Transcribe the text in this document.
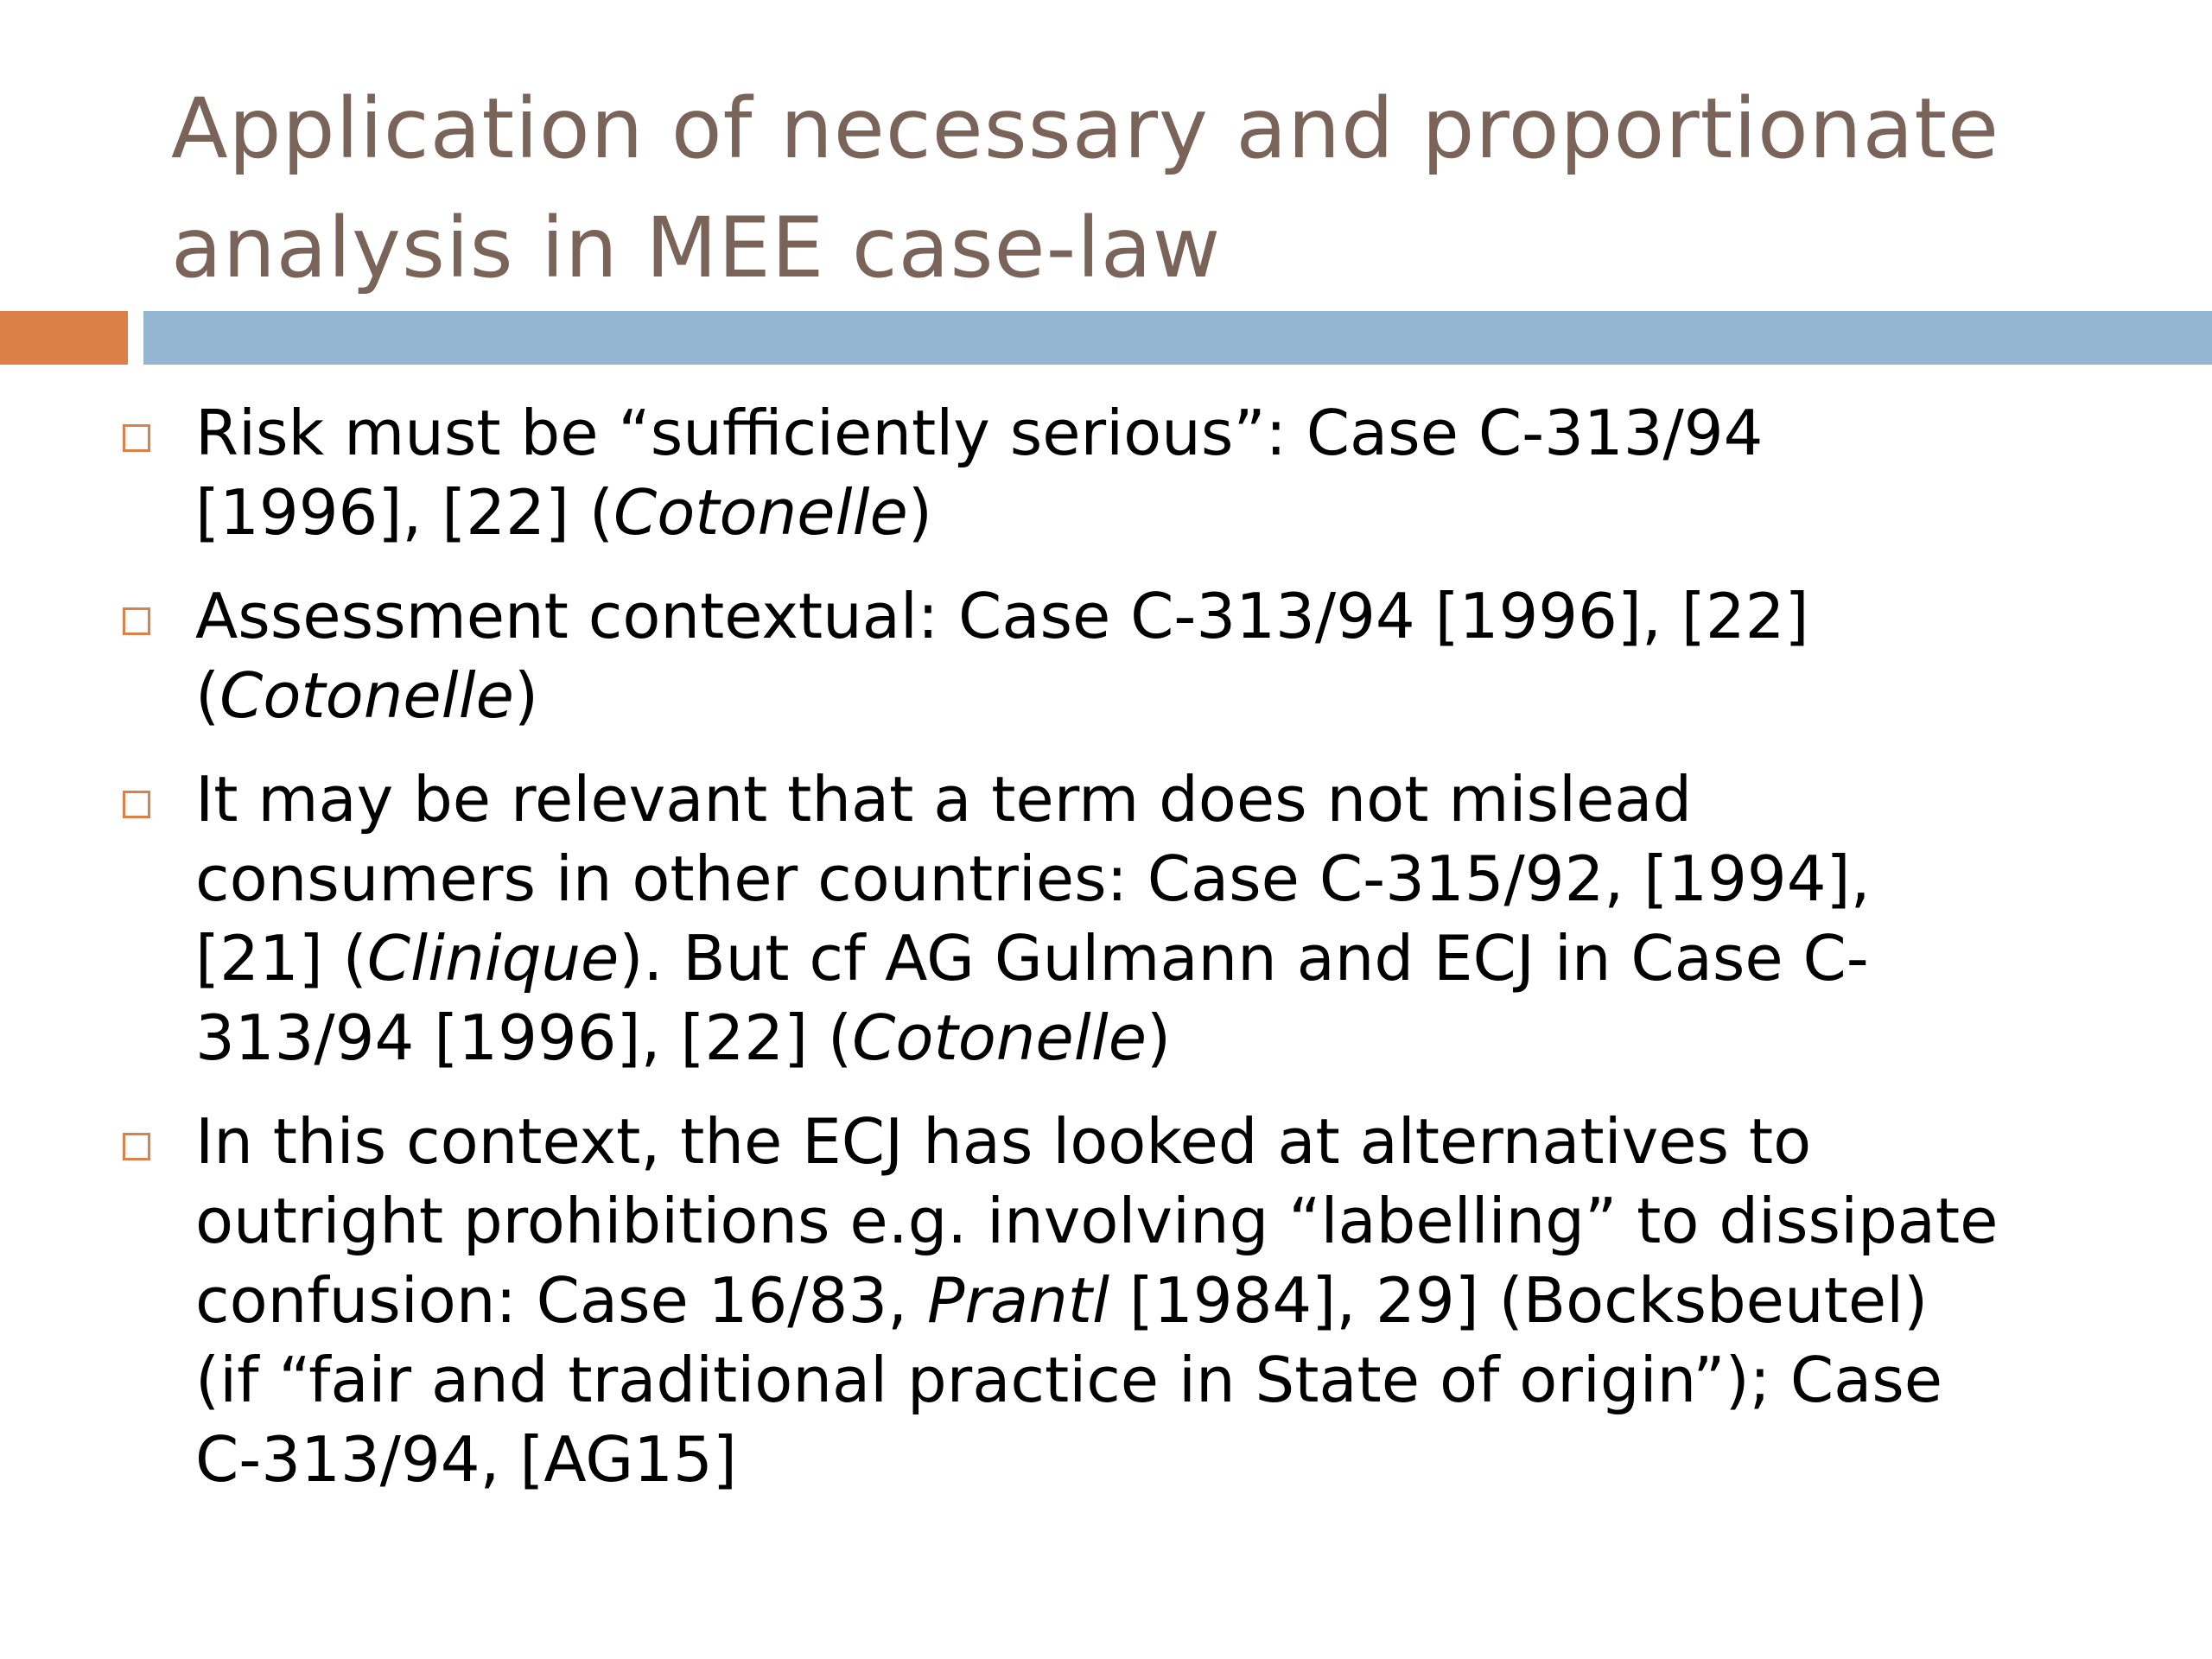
Application of necessary and proportionate
analysis in MEE case-law
Risk must be “sufficiently serious”: Case C-313/94
[1996], [22] (Cotonelle)
Assessment contextual: Case C-313/94 [1996], [22]
(Cotonelle)
It may be relevant that a term does not mislead
consumers in other countries: Case C-315/92, [1994],
[21] (Clinique). But cf AG Gulmann and ECJ in Case C-
313/94 [1996], [22] (Cotonelle)
In this context, the ECJ has looked at alternatives to
outright prohibitions e.g. involving “labelling” to dissipate
confusion: Case 16/83, Prantl [1984], 29] (Bocksbeutel)
(if “fair and traditional practice in State of origin”); Case
C-313/94, [AG15]
